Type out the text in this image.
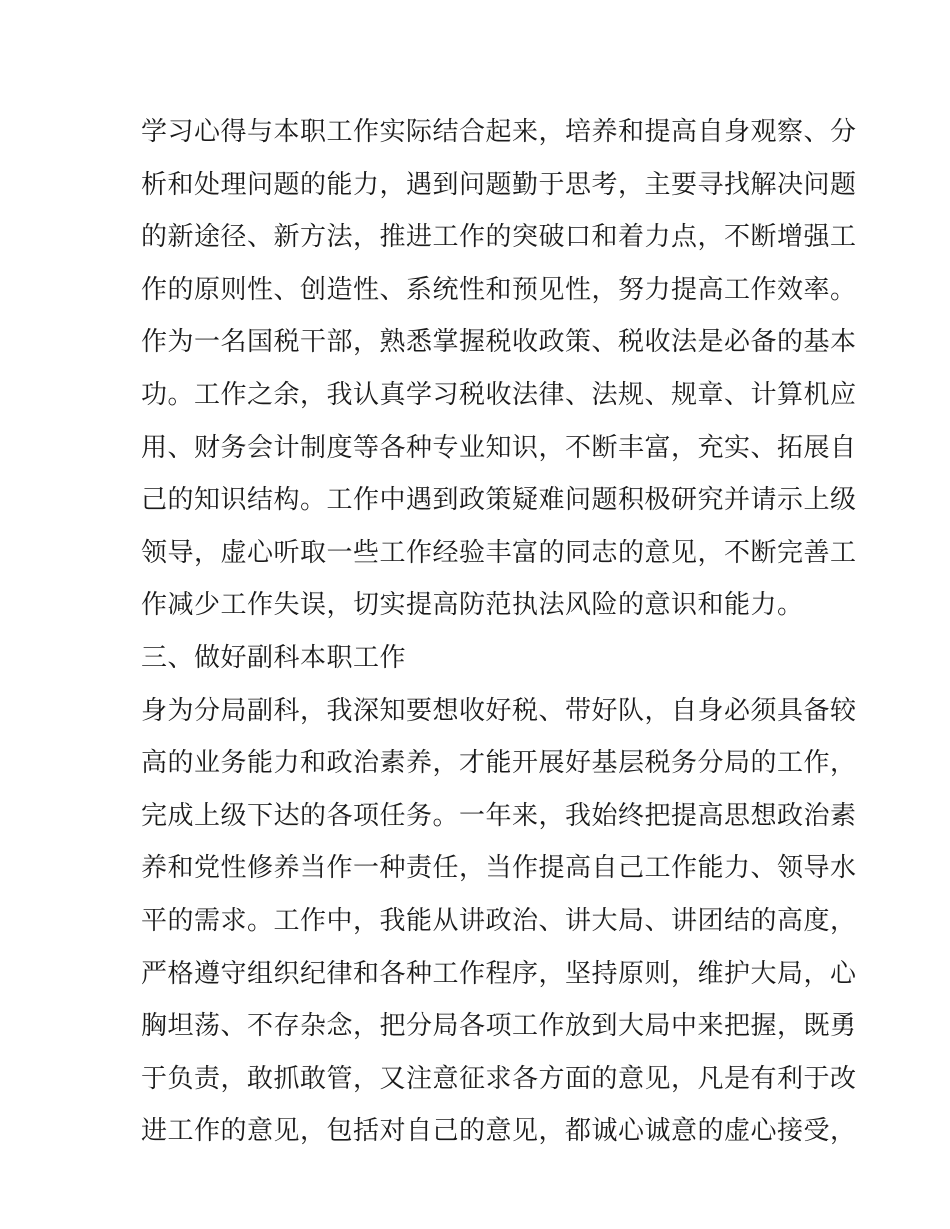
学习心得与本职工作实际结合起来，培养和提高自身观察、分
析和处理问题的能力，遇到问题勤于思考，主要寻找解决问题
的新途径、新方法，推进工作的突破口和着力点，不断增强工
作的原则性、创造性、系统性和预见性，努力提高工作效率。
作为一名国税干部，熟悉掌握税收政策、税收法是必备的基本
功。工作之余，我认真学习税收法律、法规、规章、计算机应
用、财务会计制度等各种专业知识，不断丰富，充实、拓展自
己的知识结构。工作中遇到政策疑难问题积极研究并请示上级
领导，虚心听取一些工作经验丰富的同志的意见，不断完善工
作减少工作失误，切实提高防范执法风险的意识和能力。
三、做好副科本职工作
身为分局副科，我深知要想收好税、带好队，自身必须具备较
高的业务能力和政治素养，才能开展好基层税务分局的工作，
完成上级下达的各项任务。一年来，我始终把提高思想政治素
养和党性修养当作一种责任，当作提高自己工作能力、领导水
平的需求。工作中，我能从讲政治、讲大局、讲团结的高度，
严格遵守组织纪律和各种工作程序，坚持原则，维护大局，心
胸坦荡、不存杂念，把分局各项工作放到大局中来把握，既勇
于负责，敢抓敢管，又注意征求各方面的意见，凡是有利于改
进工作的意见，包括对自己的意见，都诚心诚意的虚心接受，
